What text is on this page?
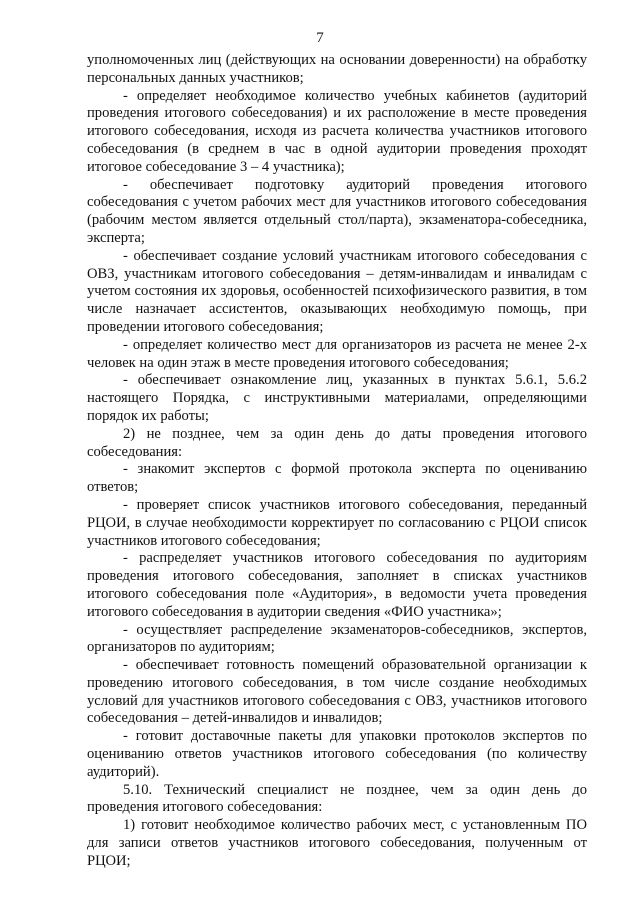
7

уполномоченных лиц (действующих на основании доверенности) на обработку персональных данных участников;

- определяет необходимое количество учебных кабинетов (аудиторий проведения итогового собеседования) и их расположение в месте проведения итогового собеседования, исходя из расчета количества участников итогового собеседования (в среднем в час в одной аудитории проведения проходят итоговое собеседование 3 – 4 участника);

- обеспечивает подготовку аудиторий проведения итогового собеседования с учетом рабочих мест для участников итогового собеседования (рабочим местом является отдельный стол/парта), экзаменатора-собеседника, эксперта;

- обеспечивает создание условий участникам итогового собеседования с ОВЗ, участникам итогового собеседования – детям-инвалидам и инвалидам с учетом состояния их здоровья, особенностей психофизического развития, в том числе назначает ассистентов, оказывающих необходимую помощь, при проведении итогового собеседования;

- определяет количество мест для организаторов из расчета не менее 2-х человек на один этаж в месте проведения итогового собеседования;

- обеспечивает ознакомление лиц, указанных в пунктах 5.6.1, 5.6.2 настоящего Порядка, с инструктивными материалами, определяющими порядок их работы;

2) не позднее, чем за один день до даты проведения итогового собеседования:

- знакомит экспертов с формой протокола эксперта по оцениванию ответов;

- проверяет список участников итогового собеседования, переданный РЦОИ, в случае необходимости корректирует по согласованию с РЦОИ список участников итогового собеседования;

- распределяет участников итогового собеседования по аудиториям проведения итогового собеседования, заполняет в списках участников итогового собеседования поле «Аудитория», в ведомости учета проведения итогового собеседования в аудитории сведения «ФИО участника»;

- осуществляет распределение экзаменаторов-собеседников, экспертов, организаторов по аудиториям;

- обеспечивает готовность помещений образовательной организации к проведению итогового собеседования, в том числе создание необходимых условий для участников итогового собеседования с ОВЗ, участников итогового собеседования – детей-инвалидов и инвалидов;

- готовит доставочные пакеты для упаковки протоколов экспертов по оцениванию ответов участников итогового собеседования (по количеству аудиторий).

5.10. Технический специалист не позднее, чем за один день до проведения итогового собеседования:

1) готовит необходимое количество рабочих мест, с установленным ПО для записи ответов участников итогового собеседования, полученным от РЦОИ;
